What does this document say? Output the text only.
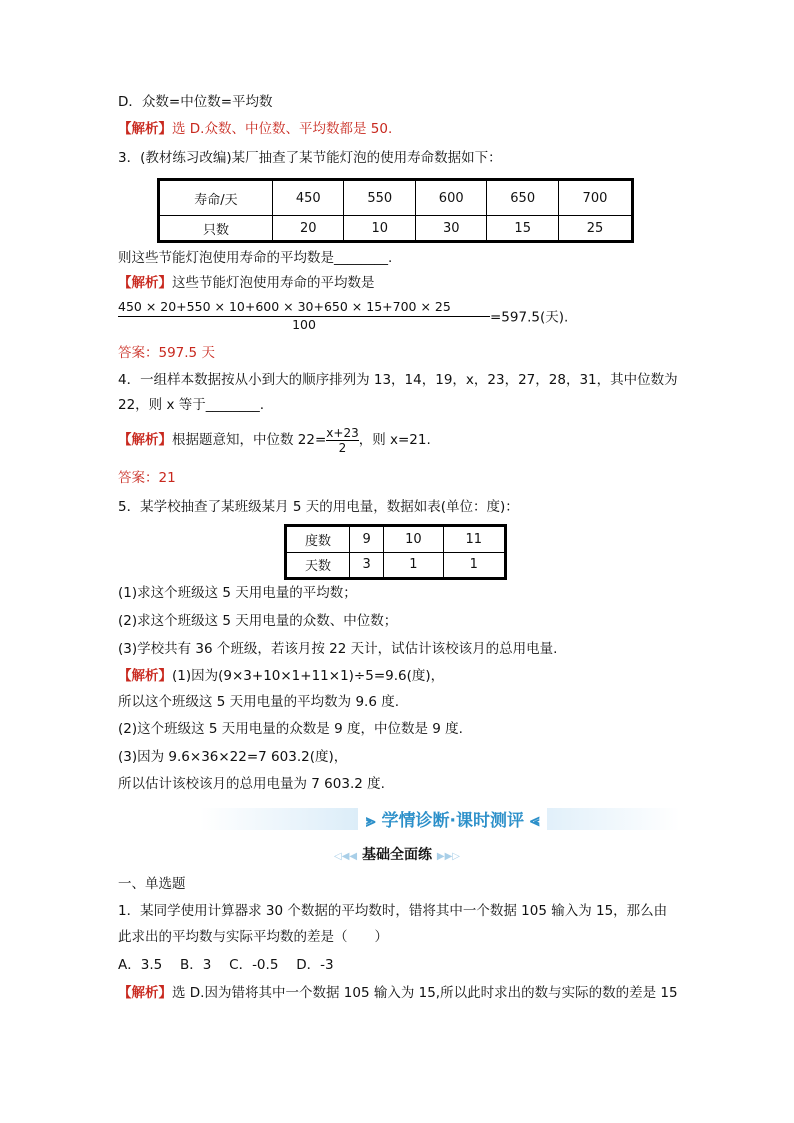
D．众数=中位数=平均数
【解析】选 D.众数、中位数、平均数都是 50.
3．(教材练习改编)某厂抽查了某节能灯泡的使用寿命数据如下：
寿命/天	450	550	600	650	700
只数	20	10	30	15	25
则这些节能灯泡使用寿命的平均数是________.
【解析】这些节能灯泡使用寿命的平均数是
$\frac{450 \times 20+550 \times 10+600 \times 30+650 \times 15+700 \times 25}{100} =597.5$(天).
答案：597.5 天
4．一组样本数据按从小到大的顺序排列为 13，14，19，x，23，27，28，31，其中位数为
22，则 x 等于________.
【解析】根据题意知，中位数 $22= \frac{x+23}{2}$ ，则 x=21.
答案：21
5．某学校抽查了某班级某月 5 天的用电量，数据如表(单位：度)：
度数	9	10	11
天数	3	1	1
(1)求这个班级这 5 天用电量的平均数；
(2)求这个班级这 5 天用电量的众数、中位数；
(3)学校共有 36 个班级，若该月按 22 天计，试估计该校该月的总用电量.
【解析】(1)因为(9×3+10×1+11×1)÷5=9.6(度)，
所以这个班级这 5 天用电量的平均数为 9.6 度.
(2)这个班级这 5 天用电量的众数是 9 度，中位数是 9 度.
(3)因为 9.6×36×22=7 603.2(度)，
所以估计该校该月的总用电量为 7 603.2 度.
⪢ 学情诊断·课时测评 ⪡
◁◀◀ 基础全面练 ▶▶▷
一、单选题
1．某同学使用计算器求 30 个数据的平均数时，错将其中一个数据 105 输入为 15，那么由
此求出的平均数与实际平均数的差是（　　）
A．3.5　 B．3　 C．-0.5　 D．-3
【解析】选 D.因为错将其中一个数据 105 输入为 15,所以此时求出的数与实际的数的差是 15
